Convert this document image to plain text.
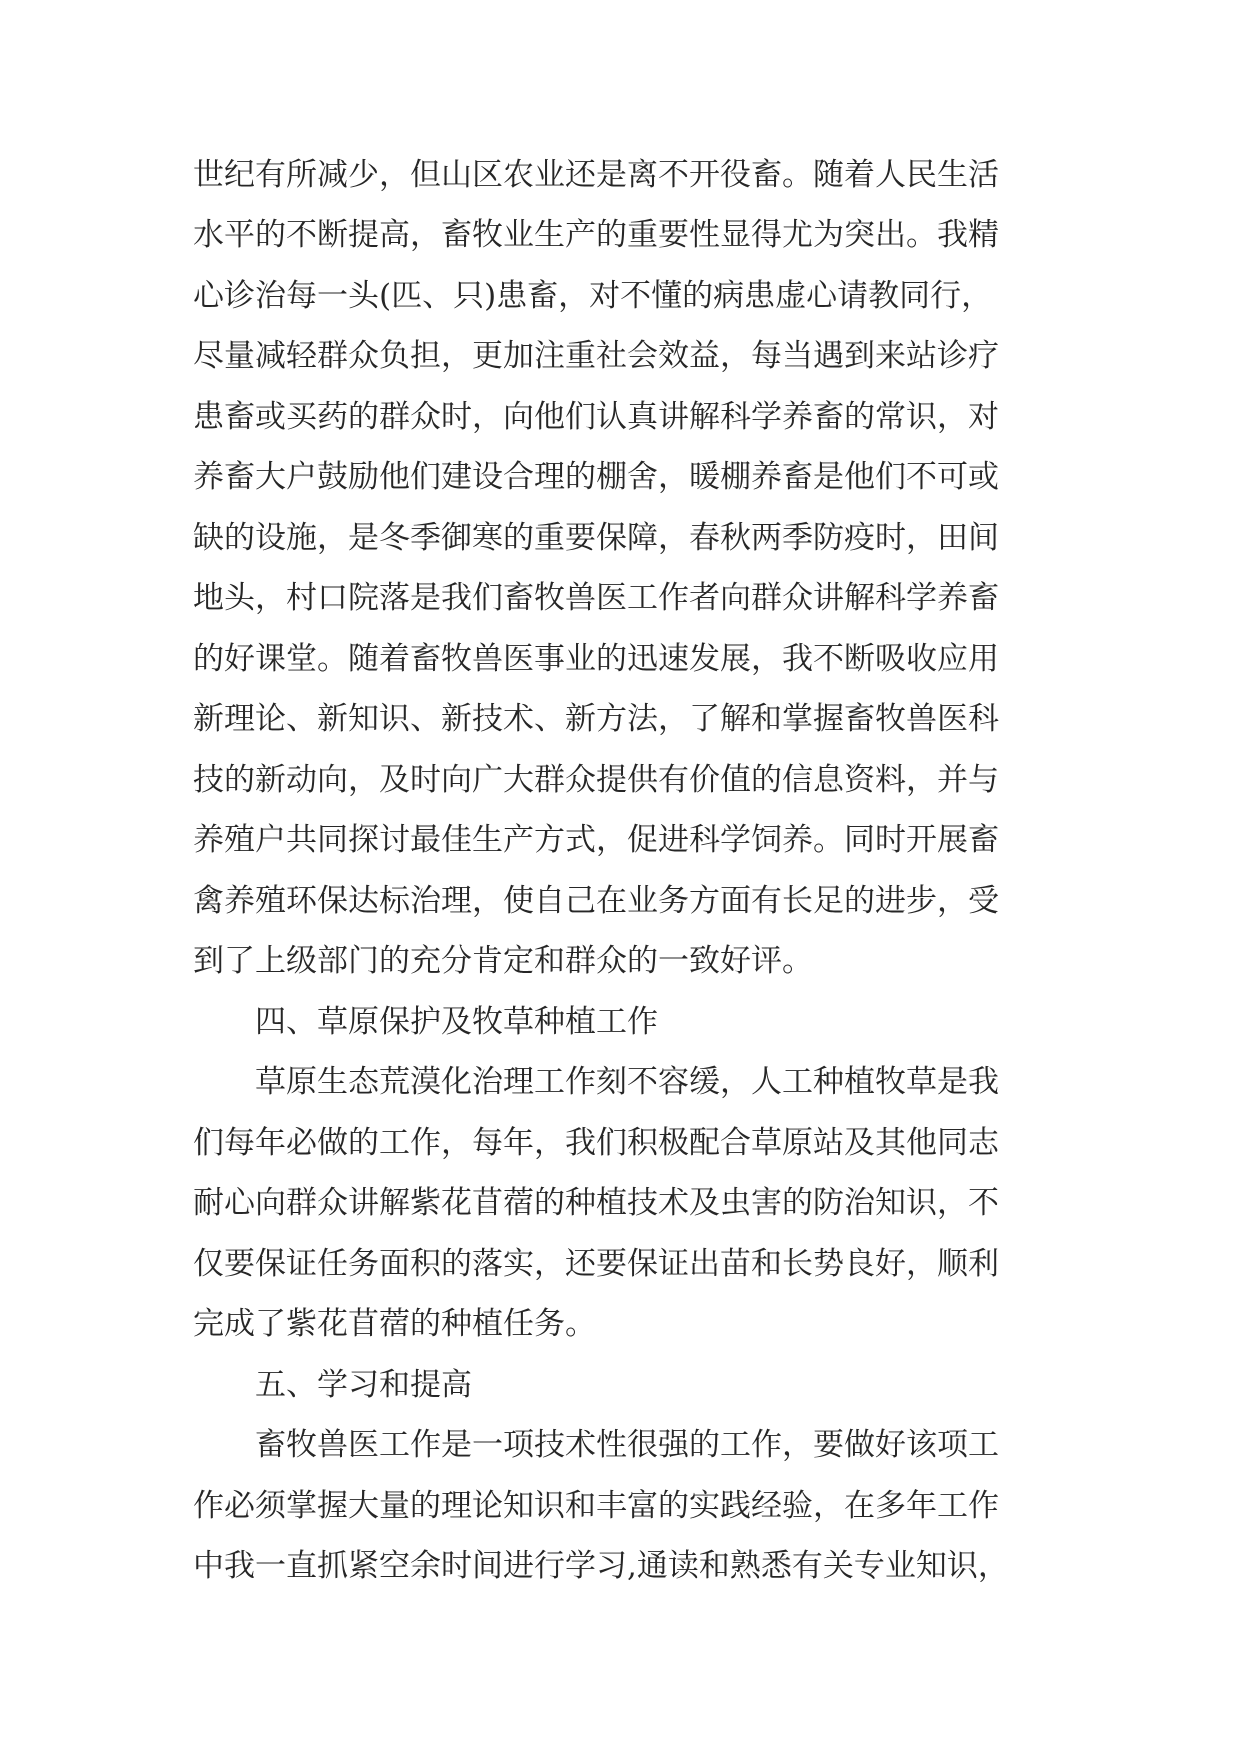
世纪有所减少，但山区农业还是离不开役畜。随着人民生活
水平的不断提高，畜牧业生产的重要性显得尤为突出。我精
心诊治每一头(匹、只)患畜，对不懂的病患虚心请教同行，
尽量减轻群众负担，更加注重社会效益，每当遇到来站诊疗
患畜或买药的群众时，向他们认真讲解科学养畜的常识，对
养畜大户鼓励他们建设合理的棚舍，暖棚养畜是他们不可或
缺的设施，是冬季御寒的重要保障，春秋两季防疫时，田间
地头，村口院落是我们畜牧兽医工作者向群众讲解科学养畜
的好课堂。随着畜牧兽医事业的迅速发展，我不断吸收应用
新理论、新知识、新技术、新方法，了解和掌握畜牧兽医科
技的新动向，及时向广大群众提供有价值的信息资料，并与
养殖户共同探讨最佳生产方式，促进科学饲养。同时开展畜
禽养殖环保达标治理，使自己在业务方面有长足的进步，受
到了上级部门的充分肯定和群众的一致好评。
四、草原保护及牧草种植工作
草原生态荒漠化治理工作刻不容缓，人工种植牧草是我
们每年必做的工作，每年，我们积极配合草原站及其他同志
耐心向群众讲解紫花苜蓿的种植技术及虫害的防治知识，不
仅要保证任务面积的落实，还要保证出苗和长势良好，顺利
完成了紫花苜蓿的种植任务。
五、学习和提高
畜牧兽医工作是一项技术性很强的工作，要做好该项工
作必须掌握大量的理论知识和丰富的实践经验，在多年工作
中我一直抓紧空余时间进行学习,通读和熟悉有关专业知识，
